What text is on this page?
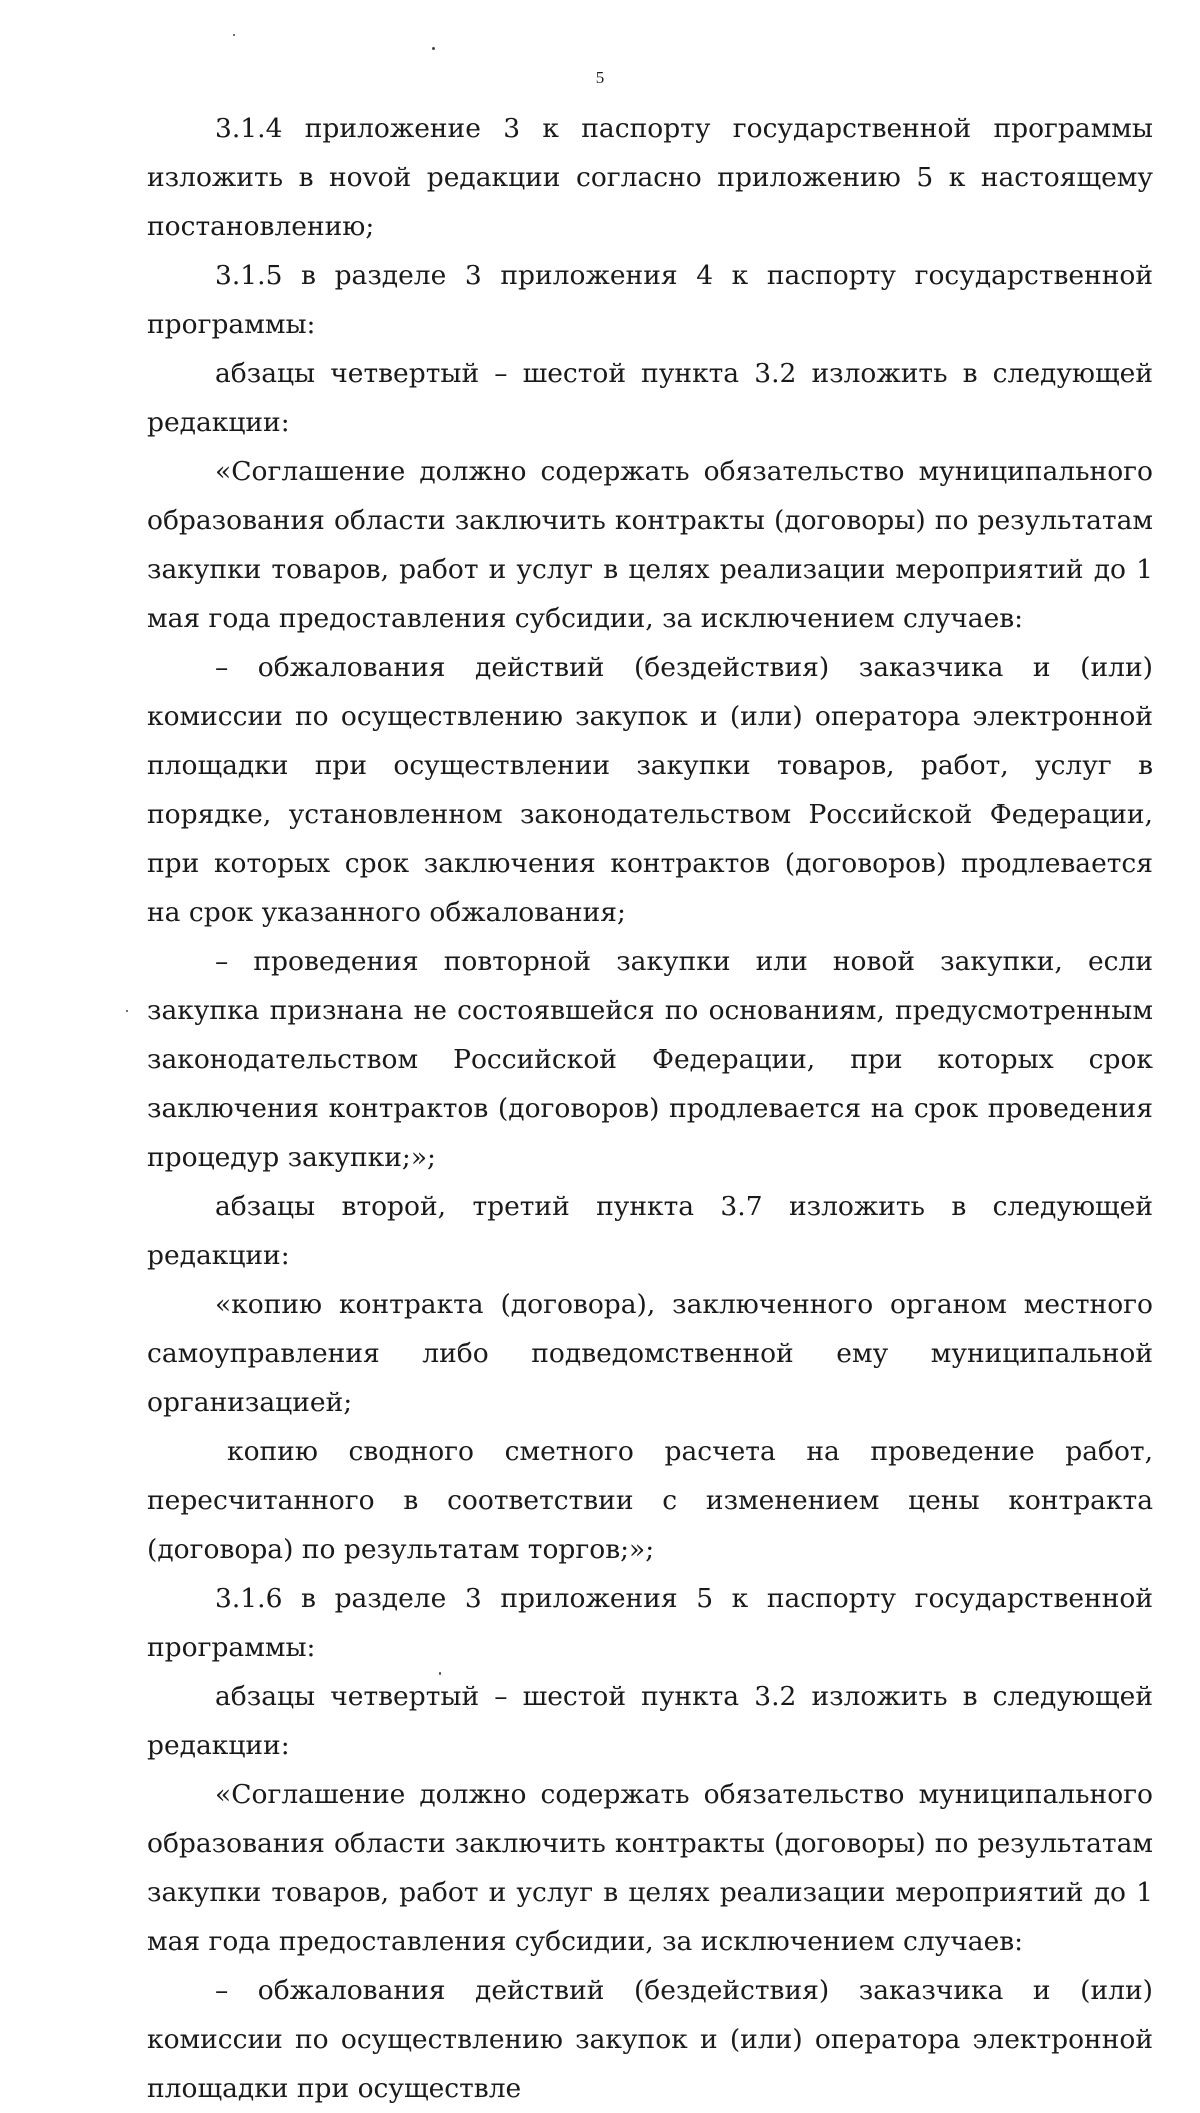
5

3.1.4 приложение 3 к паспорту государственной программы изложить в ноvой редакции согласно приложению 5 к настоящему постановлению;

3.1.5 в разделе 3 приложения 4 к паспорту государственной программы:

абзацы четвертый – шестой пункта 3.2 изложить в следующей редакции:

«Соглашение должно содержать обязательство муниципального образования области заключить контракты (договоры) по результатам закупки товаров, работ и услуг в целях реализации мероприятий до 1 мая года предоставления субсидии, за исключением случаев:

– обжалования действий (бездействия) заказчика и (или) комиссии по осуществлению закупок и (или) оператора электронной площадки при осуществлении закупки товаров, работ, услуг в порядке, установленном законодательством Российской Федерации, при которых срок заключения контрактов (договоров) продлевается на срок указанного обжалования;

– проведения повторной закупки или новой закупки, если закупка признана не состоявшейся по основаниям, предусмотренным законодательством Российской Федерации, при которых срок заключения контрактов (договоров) продлевается на срок проведения процедур закупки;»;

абзацы второй, третий пункта 3.7 изложить в следующей редакции:

«копию контракта (договора), заключенного органом местного самоуправления либо подведомственной ему муниципальной организацией;

копию сводного сметного расчета на проведение работ, пересчитанного в соответствии с изменением цены контракта (договора) по результатам торгов;»;

3.1.6 в разделе 3 приложения 5 к паспорту государственной программы:

абзацы четвертый – шестой пункта 3.2 изложить в следующей редакции:

«Соглашение должно содержать обязательство муниципального образования области заключить контракты (договоры) по результатам закупки товаров, работ и услуг в целях реализации мероприятий до 1 мая года предоставления субсидии, за исключением случаев:

– обжалования действий (бездействия) заказчика и (или) комиссии по осуществлению закупок и (или) оператора электронной площадки при осуществле
